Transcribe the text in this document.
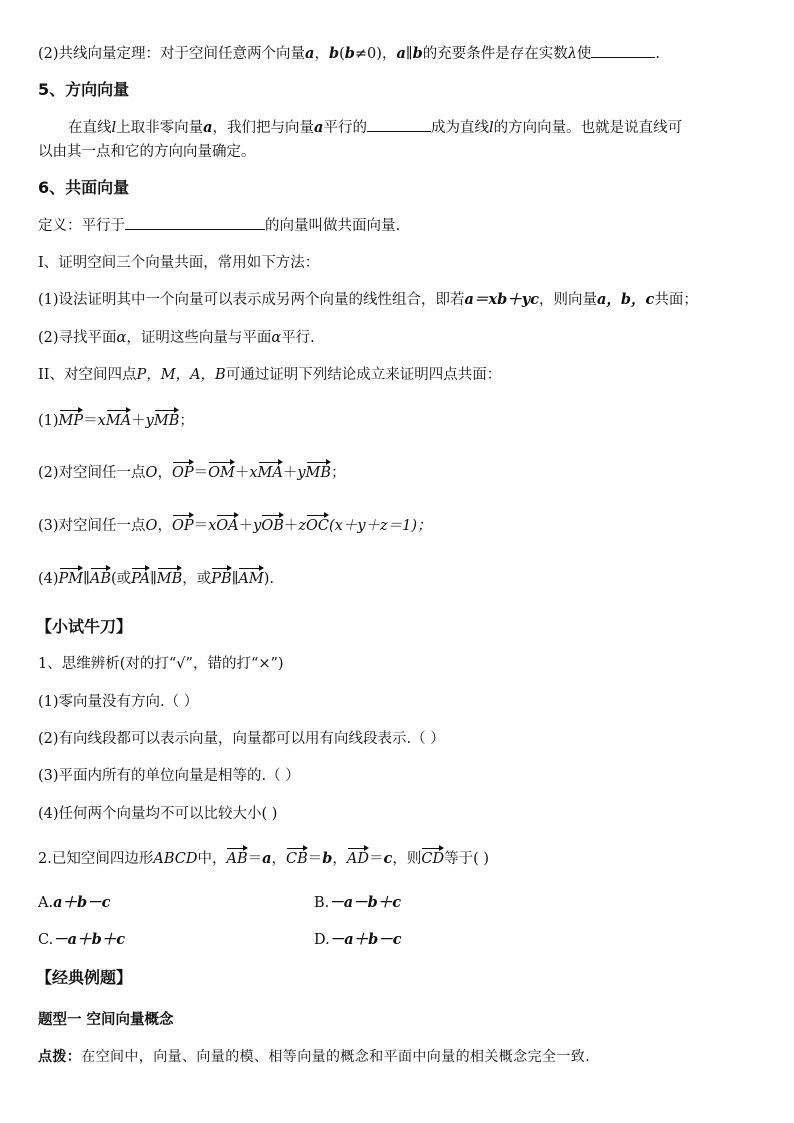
(2)共线向量定理：对于空间任意两个向量a，b(b≠0)，a∥b的充要条件是存在实数λ使	.
5、方向向量
在直线l上取非零向量a，我们把与向量a平行的	成为直线l的方向向量。也就是说直线可
以由其一点和它的方向向量确定。
6、共面向量
定义：平行于	的向量叫做共面向量.
I、证明空间三个向量共面，常用如下方法：
(1)设法证明其中一个向量可以表示成另两个向量的线性组合，即若a＝xb＋yc，则向量a，b，c共面；
(2)寻找平面α，证明这些向量与平面α平行.
II、对空间四点P，M，A，B可通过证明下列结论成立来证明四点共面：
(1)MP＝xMA＋yMB；
(2)对空间任一点O，OP＝OM＋xMA＋yMB；
(3)对空间任一点O，OP＝xOA＋yOB＋zOC(x＋y＋z＝1)；
(4)PM∥AB(或PA∥MB，或PB∥AM).
【小试牛刀】
1、思维辨析(对的打“√”，错的打“×”)
(1)零向量没有方向.（ ）
(2)有向线段都可以表示向量，向量都可以用有向线段表示.（ ）
(3)平面内所有的单位向量是相等的.（ ）
(4)任何两个向量均不可以比较大小( )
2.已知空间四边形ABCD中，AB＝a，CB＝b，AD＝c，则CD等于( )
A.a＋b－c	B.－a－b＋c
C.－a＋b＋c	D.－a＋b－c
【经典例题】
题型一 空间向量概念
点拨：在空间中，向量、向量的模、相等向量的概念和平面中向量的相关概念完全一致.
